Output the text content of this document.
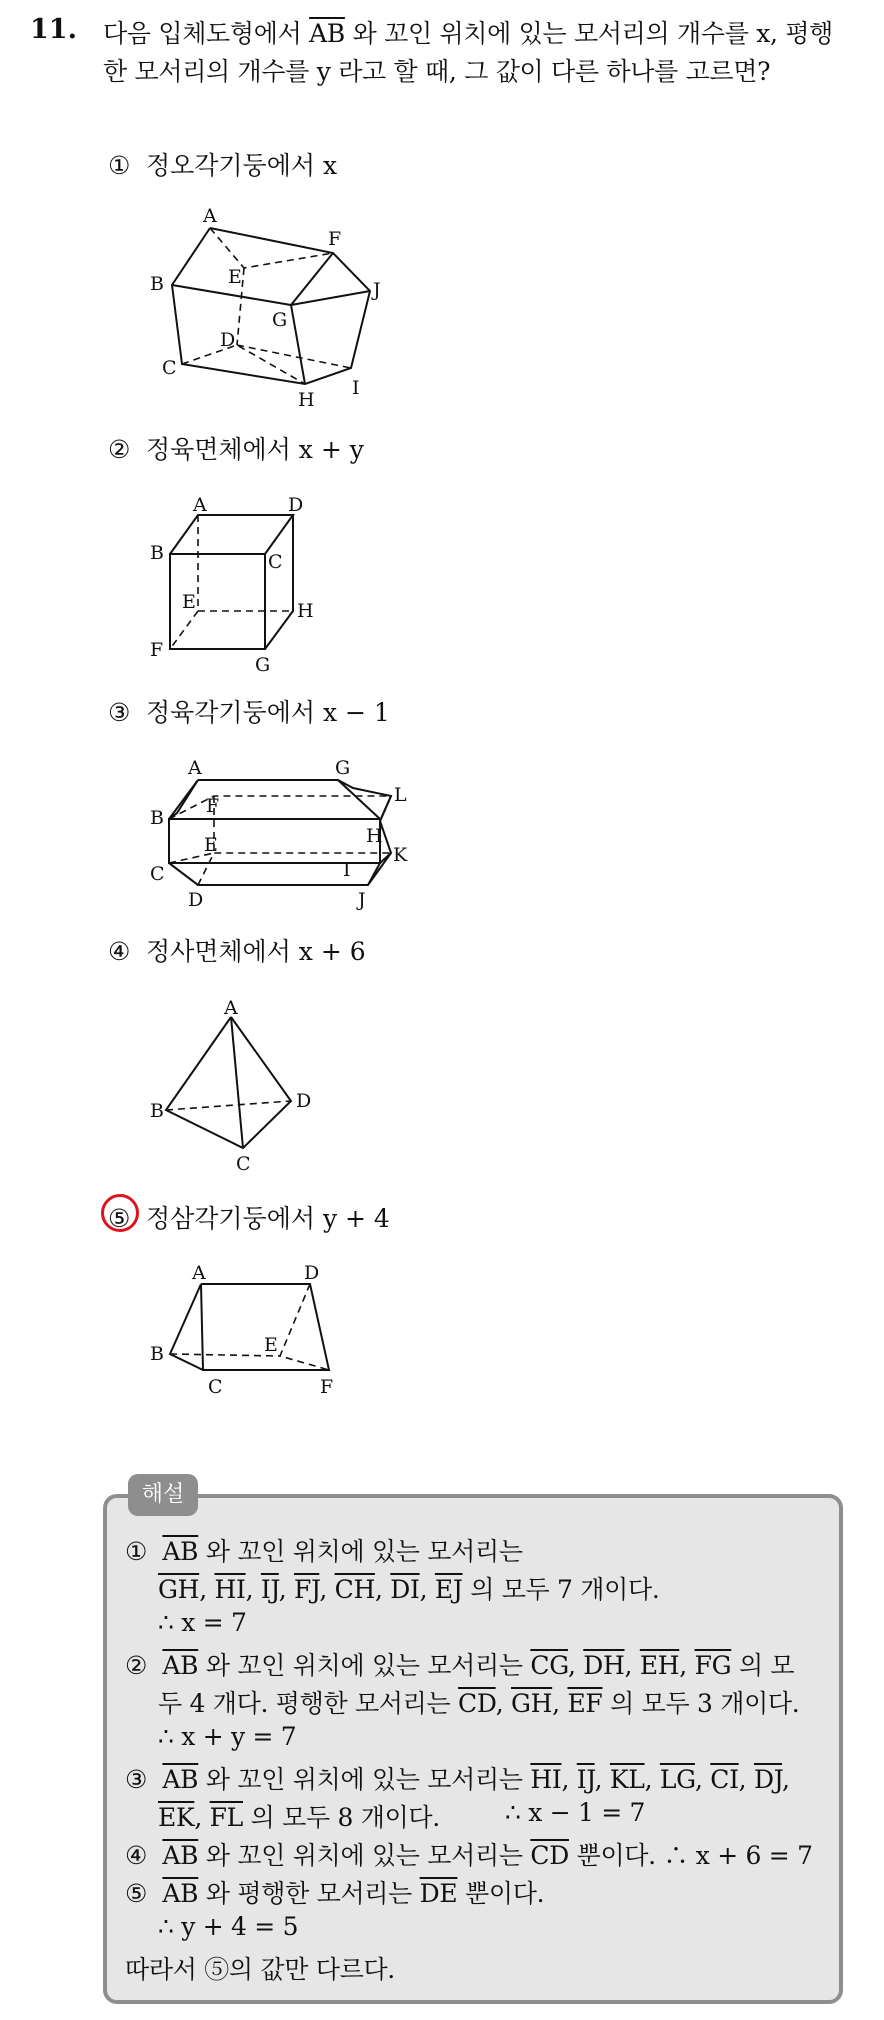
11. 다음 입체도형에서 $\overline{AB}$ 와 꼬인 위치에 있는 모서리의 개수를 x, 평행
한 모서리의 개수를 y 라고 할 때, 그 값이 다른 하나를 고르면?
① 정오각기둥에서 x
A
B
C
D
E
F
G
H
I
J
② 정육면체에서 x + y
A
B	C
D
E
F
G
H
③ 정육각기둥에서 x − 1
A
B
C
D
E
F
G
H
I
J
K
L
④ 정사면체에서 x + 6
A
B
C
D
⑤ 정삼각기둥에서 y + 4
A
B
C
D
E
F
해설
① $\overline{AB}$ 와 꼬인 위치에 있는 모서리는
$\overline{GH}$, $\overline{HI}$, $\overline{IJ}$, $\overline{FJ}$, $\overline{CH}$, $\overline{DI}$, $\overline{EJ}$ 의 모두 7 개이다.
∴ x = 7
② $\overline{AB}$ 와 꼬인 위치에 있는 모서리는 $\overline{CG}$, $\overline{DH}$, $\overline{EH}$, $\overline{FG}$ 의 모
두 4 개다. 평행한 모서리는 $\overline{CD}$, $\overline{GH}$, $\overline{EF}$ 의 모두 3 개이다.
∴ x + y = 7
③ $\overline{AB}$ 와 꼬인 위치에 있는 모서리는 $\overline{HI}$, $\overline{IJ}$, $\overline{KL}$, $\overline{LG}$, $\overline{CI}$, $\overline{DJ}$,
$\overline{EK}$, $\overline{FL}$ 의 모두 8 개이다.	∴ x − 1 = 7
④ $\overline{AB}$ 와 꼬인 위치에 있는 모서리는 $\overline{CD}$ 뿐이다. ∴ x + 6 = 7
⑤ $\overline{AB}$ 와 평행한 모서리는 $\overline{DE}$ 뿐이다.
∴ y + 4 = 5
따라서 ⑤의 값만 다르다.
